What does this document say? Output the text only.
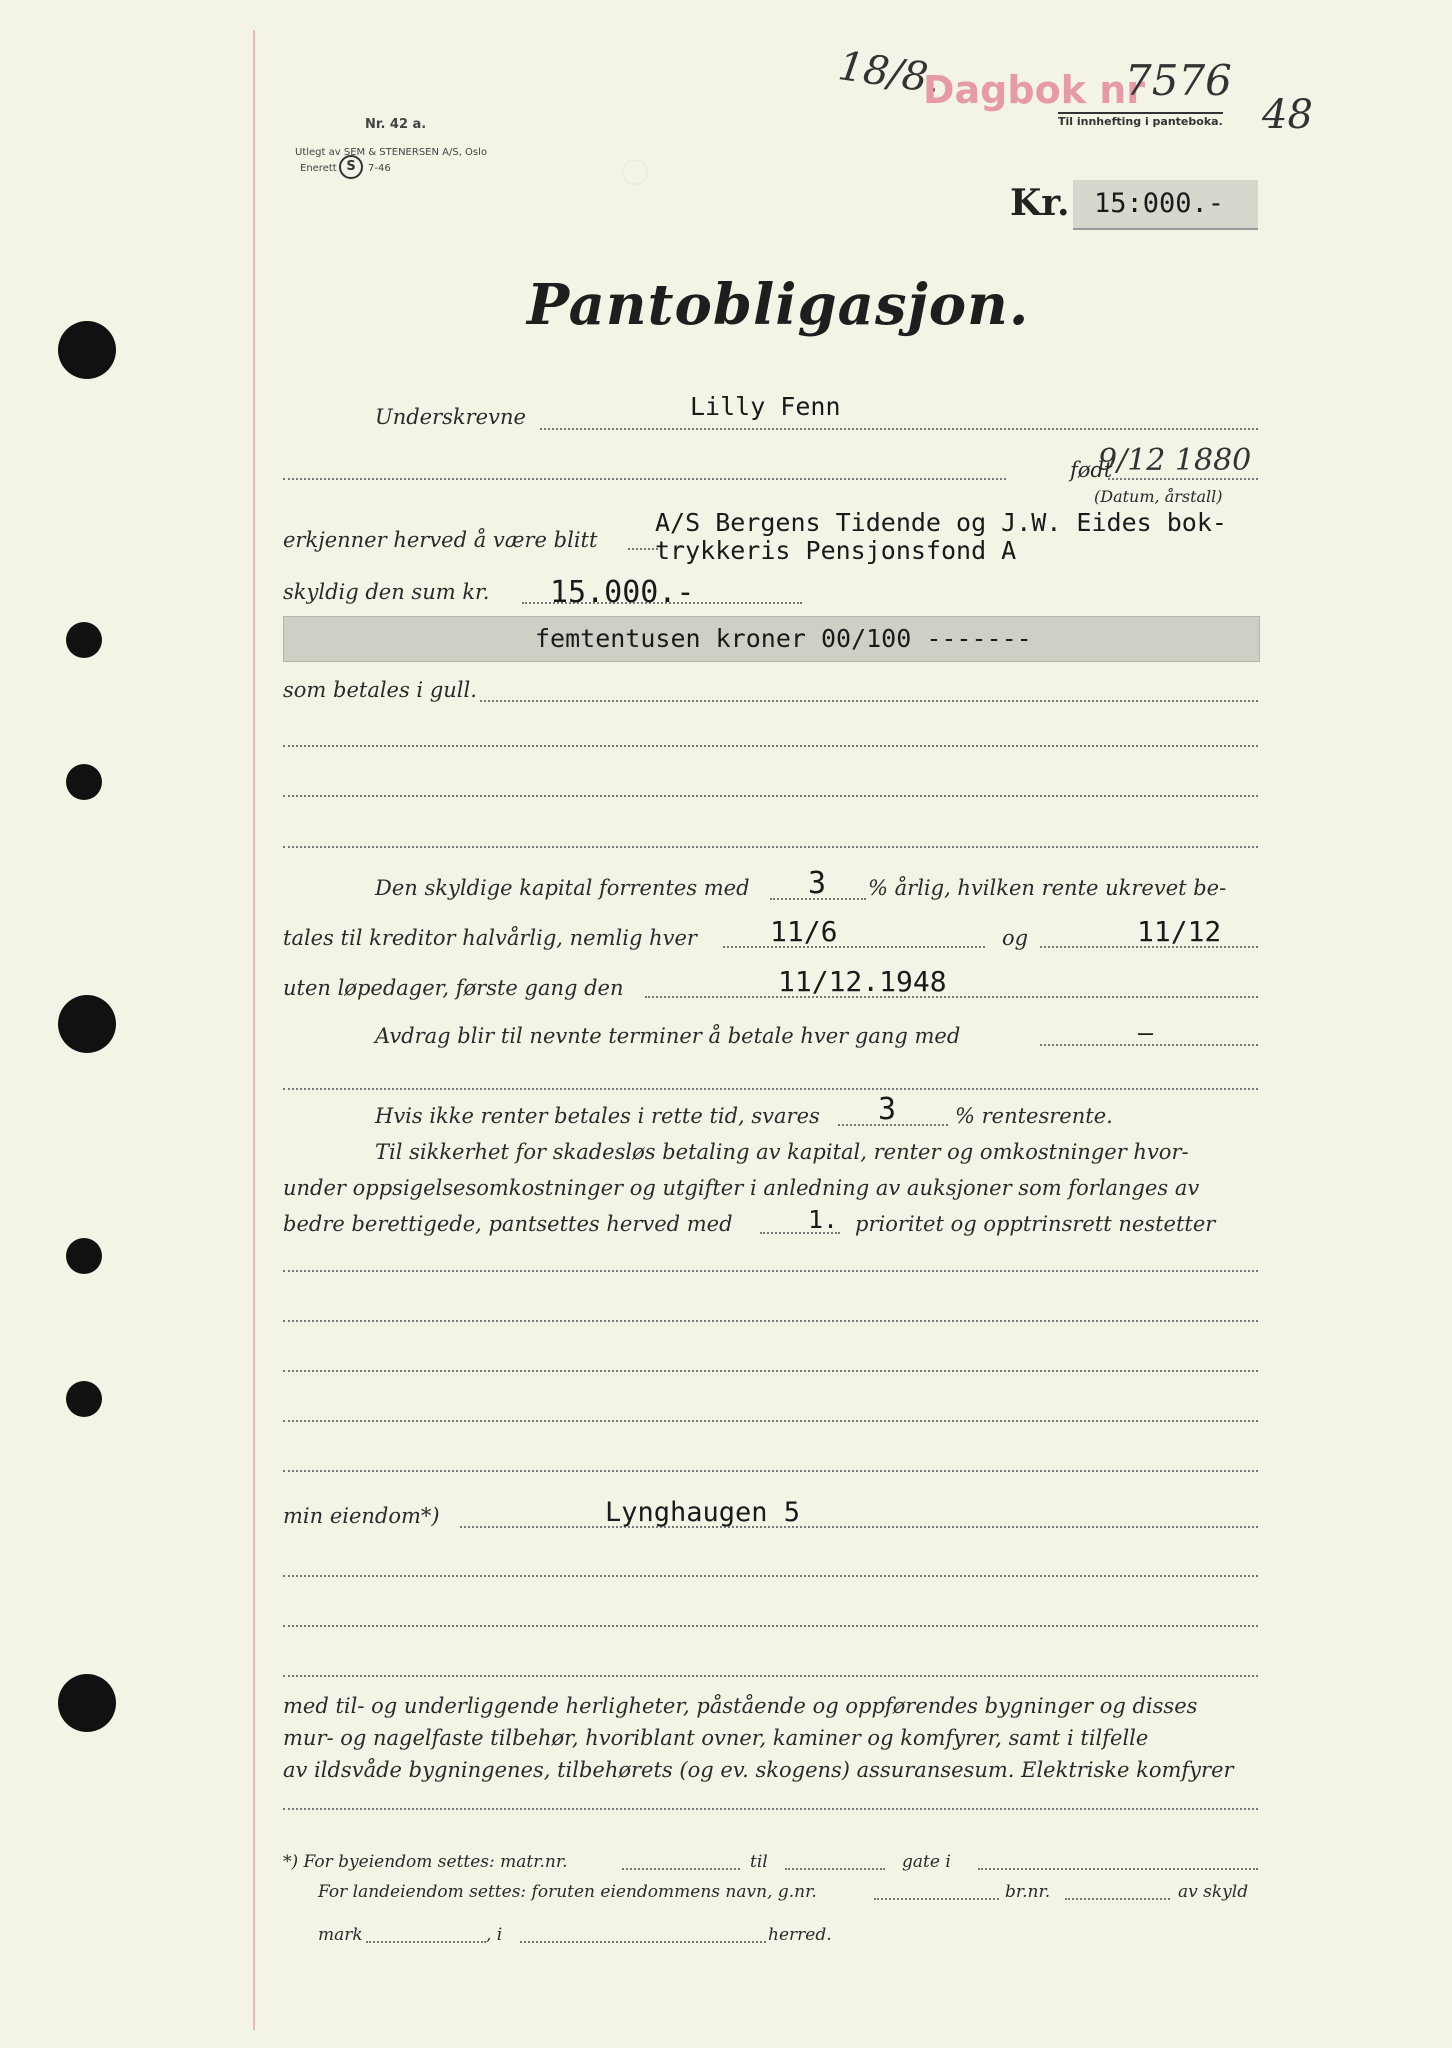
○
Nr. 42 a.
Utlegt av SEM & STENERSEN A/S, Oslo
Enerett S	7-46
18/8.
Dagbok nr
7576
Til innhefting i panteboka. 48
Kr. 15:000.-
Pantobligasjon.
Underskrevne	Lilly Fenn
født
9/12 1880
(Datum, årstall)
erkjenner herved å være blitt
A/S Bergens Tidende og J.W. Eides bok-
trykkeris Pensjonsfond A
skyldig den sum kr. 15.000.-
femtentusen kroner 00/100 -------
som betales i gull.
Den skyldige kapital forrentes med 3 % årlig, hvilken rente ukrevet be-
tales til kreditor halvårlig, nemlig hver	11/6	og	11/12
uten løpedager, første gang den	11/12.1948
Avdrag blir til nevnte terminer å betale hver gang med	—
Hvis ikke renter betales i rette tid, svares 3	% rentesrente.
Til sikkerhet for skadesløs betaling av kapital, renter og omkostninger hvor-
under oppsigelsesomkostninger og utgifter i anledning av auksjoner som forlanges av
bedre berettigede, pantsettes herved med	1. prioritet og opptrinsrett nestetter
min eiendom*)	Lynghaugen 5
med til- og underliggende herligheter, påstående og oppførendes bygninger og disses
mur- og nagelfaste tilbehør, hvoriblant ovner, kaminer og komfyrer, samt i tilfelle
av ildsvåde bygningenes, tilbehørets (og ev. skogens) assuransesum. Elektriske komfyrer
*) For byeiendom settes: matr.nr.	til	gate i
For landeiendom settes: foruten eiendommens navn, g.nr.	br.nr.	av skyld
mark	, i	herred.
